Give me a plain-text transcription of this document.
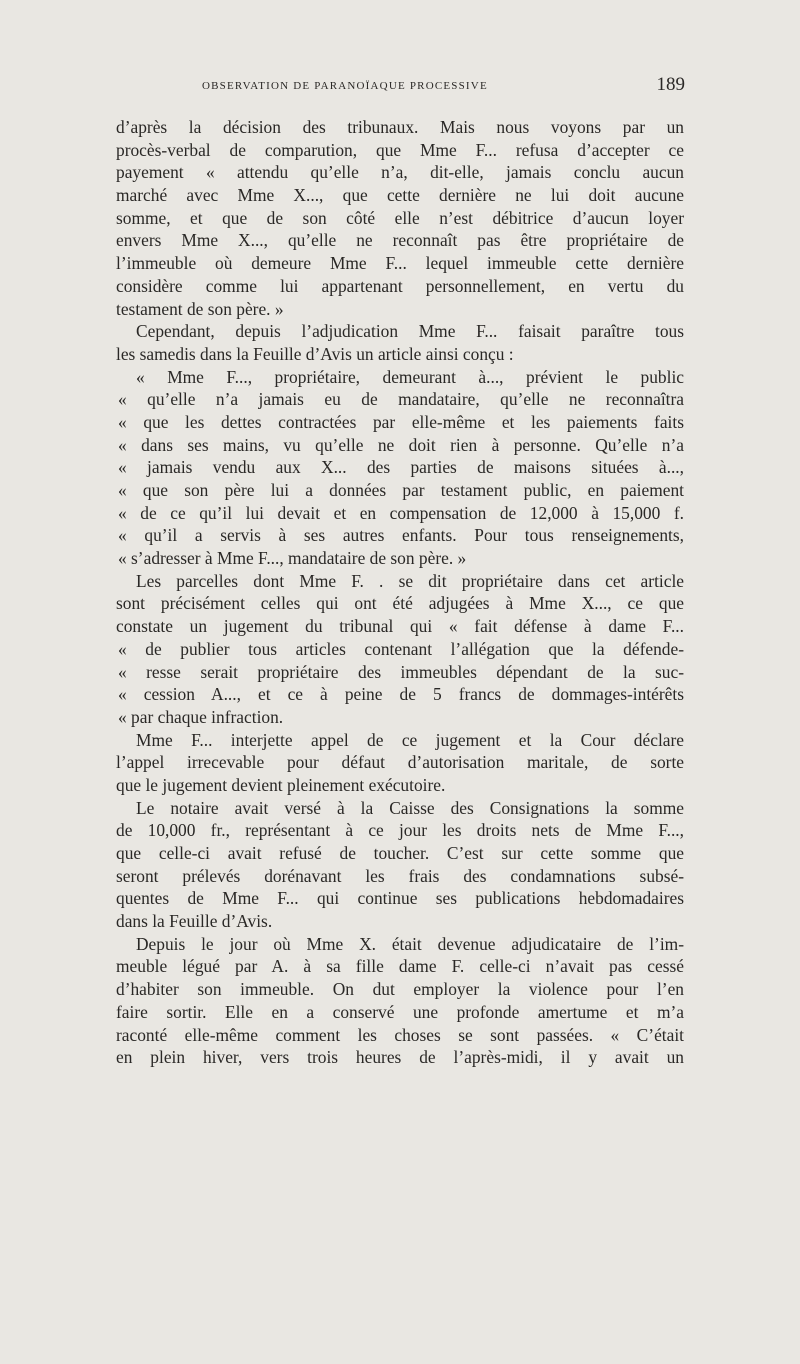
OBSERVATION DE PARANOÏAQUE PROCESSIVE	189
d’après la décision des tribunaux. Mais nous voyons par un
procès-verbal de comparution, que Mme F... refusa d’accepter ce
payement « attendu qu’elle n’a, dit-elle, jamais conclu aucun
marché avec Mme X..., que cette dernière ne lui doit aucune
somme, et que de son côté elle n’est débitrice d’aucun loyer
envers Mme X..., qu’elle ne reconnaît pas être propriétaire de
l’immeuble où demeure Mme F... lequel immeuble cette dernière
considère comme lui appartenant personnellement, en vertu du
testament de son père. »
Cependant, depuis l’adjudication Mme F... faisait paraître tous
les samedis dans la Feuille d’Avis un article ainsi conçu :
« Mme F..., propriétaire, demeurant à..., prévient le public
« qu’elle n’a jamais eu de mandataire, qu’elle ne reconnaîtra
« que les dettes contractées par elle-même et les paiements faits
« dans ses mains, vu qu’elle ne doit rien à personne. Qu’elle n’a
« jamais vendu aux X... des parties de maisons situées à...,
« que son père lui a données par testament public, en paiement
« de ce qu’il lui devait et en compensation de 12,000 à 15,000 f.
« qu’il a servis à ses autres enfants. Pour tous renseignements,
« s’adresser à Mme F..., mandataire de son père. »
Les parcelles dont Mme F. . se dit propriétaire dans cet article
sont précisément celles qui ont été adjugées à Mme X..., ce que
constate un jugement du tribunal qui « fait défense à dame F...
« de publier tous articles contenant l’allégation que la défende-
« resse serait propriétaire des immeubles dépendant de la suc-
« cession A..., et ce à peine de 5 francs de dommages-intérêts
« par chaque infraction.
Mme F... interjette appel de ce jugement et la Cour déclare
l’appel irrecevable pour défaut d’autorisation maritale, de sorte
que le jugement devient pleinement exécutoire.
Le notaire avait versé à la Caisse des Consignations la somme
de 10,000 fr., représentant à ce jour les droits nets de Mme F...,
que celle-ci avait refusé de toucher. C’est sur cette somme que
seront prélevés dorénavant les frais des condamnations subsé-
quentes de Mme F... qui continue ses publications hebdomadaires
dans la Feuille d’Avis.
Depuis le jour où Mme X. était devenue adjudicataire de l’im-
meuble légué par A. à sa fille dame F. celle-ci n’avait pas cessé
d’habiter son immeuble. On dut employer la violence pour l’en
faire sortir. Elle en a conservé une profonde amertume et m’a
raconté elle-même comment les choses se sont passées. « C’était
en plein hiver, vers trois heures de l’après-midi, il y avait un
